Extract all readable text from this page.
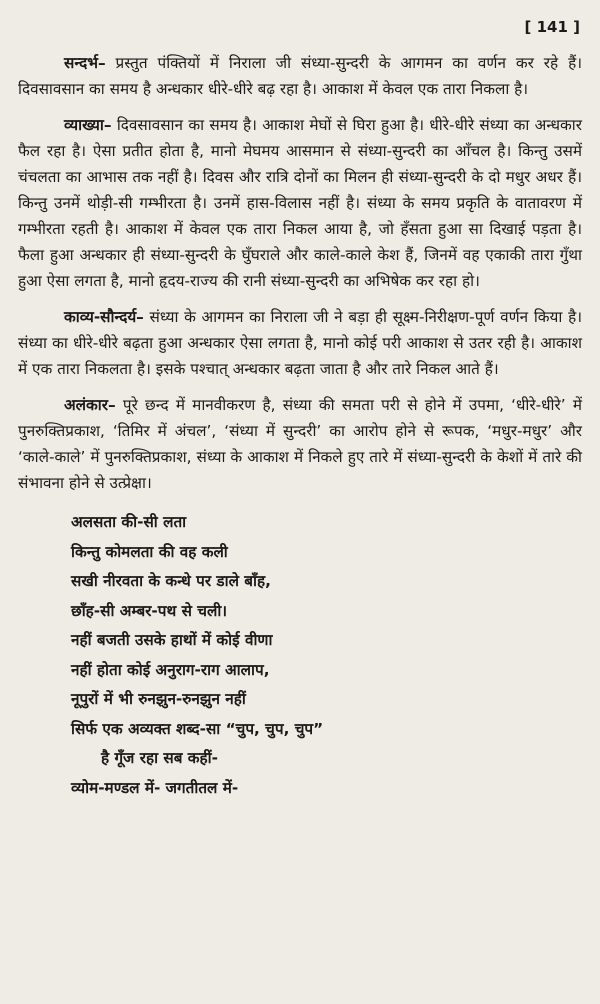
[ 141 ]

सन्दर्भ– प्रस्तुत पंक्तियों में निराला जी संध्या-सुन्दरी के आगमन का वर्णन कर रहे हैं। दिवसावसान का समय है अन्धकार धीरे-धीरे बढ़ रहा है। आकाश में केवल एक तारा निकला है।

व्याख्या– दिवसावसान का समय है। आकाश मेघों से घिरा हुआ है। धीरे-धीरे संध्या का अन्धकार फैल रहा है। ऐसा प्रतीत होता है, मानो मेघमय आसमान से संध्या-सुन्दरी का आँचल है। किन्तु उसमें चंचलता का आभास तक नहीं है। दिवस और रात्रि दोनों का मिलन ही संध्या-सुन्दरी के दो मधुर अधर हैं। किन्तु उनमें थोड़ी-सी गम्भीरता है। उनमें हास-विलास नहीं है। संध्या के समय प्रकृति के वातावरण में गम्भीरता रहती है। आकाश में केवल एक तारा निकल आया है, जो हँसता हुआ सा दिखाई पड़ता है। फैला हुआ अन्धकार ही संध्या-सुन्दरी के घुँघराले और काले-काले केश हैं, जिनमें वह एकाकी तारा गुँथा हुआ ऐसा लगता है, मानो हृदय-राज्य की रानी संध्या-सुन्दरी का अभिषेक कर रहा हो।

काव्य-सौन्दर्य– संध्या के आगमन का निराला जी ने बड़ा ही सूक्ष्म-निरीक्षण-पूर्ण वर्णन किया है। संध्या का धीरे-धीरे बढ़ता हुआ अन्धकार ऐसा लगता है, मानो कोई परी आकाश से उतर रही है। आकाश में एक तारा निकलता है। इसके पश्चात् अन्धकार बढ़ता जाता है और तारे निकल आते हैं।

अलंकार– पूरे छन्द में मानवीकरण है, संध्या की समता परी से होने में उपमा, ‘धीरे-धीरे’ में पुनरुक्तिप्रकाश, ‘तिमिर में अंचल’, ‘संध्या में सुन्दरी’ का आरोप होने से रूपक, ‘मधुर-मधुर’ और ‘काले-काले’ में पुनरुक्तिप्रकाश, संध्या के आकाश में निकले हुए तारे में संध्या-सुन्दरी के केशों में तारे की संभावना होने से उत्प्रेक्षा।

अलसता की-सी लता
किन्तु कोमलता की वह कली
सखी नीरवता के कन्धे पर डाले बाँह,
छाँह-सी अम्बर-पथ से चली।
नहीं बजती उसके हाथों में कोई वीणा
नहीं होता कोई अनुराग-राग आलाप,
नूपुरों में भी रुनझुन-रुनझुन नहीं
सिर्फ एक अव्यक्त शब्द-सा “चुप, चुप, चुप”
है गूँज रहा सब कहीं-
व्योम-मण्डल में- जगतीतल में-
